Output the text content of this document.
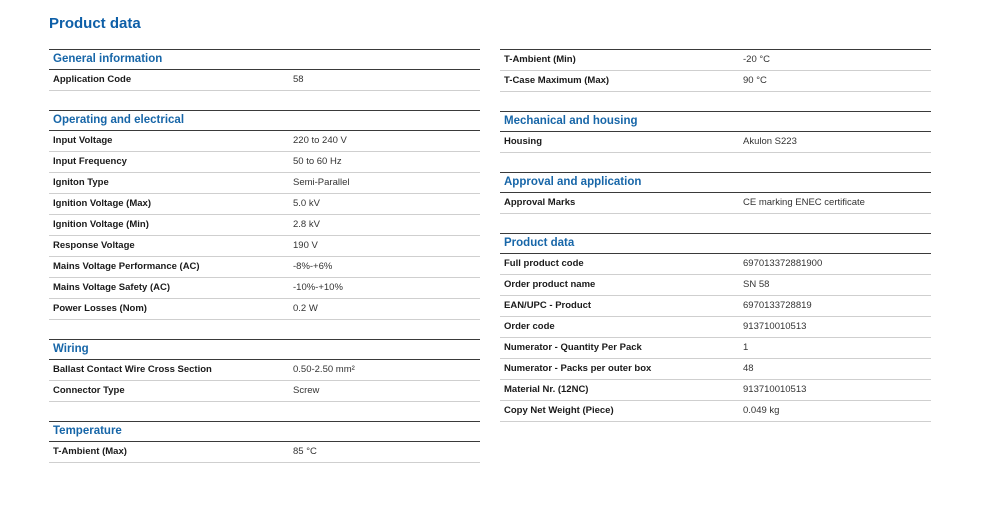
Product data
General information
Application Code	58
Operating and electrical
Input Voltage	220 to 240 V
Input Frequency	50 to 60 Hz
Igniton Type	Semi-Parallel
Ignition Voltage (Max)	5.0 kV
Ignition Voltage (Min)	2.8 kV
Response Voltage	190 V
Mains Voltage Performance (AC)	-8%-+6%
Mains Voltage Safety (AC)	-10%-+10%
Power Losses (Nom)	0.2 W
Wiring
Ballast Contact Wire Cross Section	0.50-2.50 mm²
Connector Type	Screw
Temperature
T-Ambient (Max)	85 °C
T-Ambient (Min)	-20 °C
T-Case Maximum (Max)	90 °C
Mechanical and housing
Housing	Akulon S223
Approval and application
Approval Marks	CE marking ENEC certificate
Product data
Full product code	697013372881900
Order product name	SN 58
EAN/UPC - Product	6970133728819
Order code	913710010513
Numerator - Quantity Per Pack	1
Numerator - Packs per outer box	48
Material Nr. (12NC)	913710010513
Copy Net Weight (Piece)	0.049 kg
